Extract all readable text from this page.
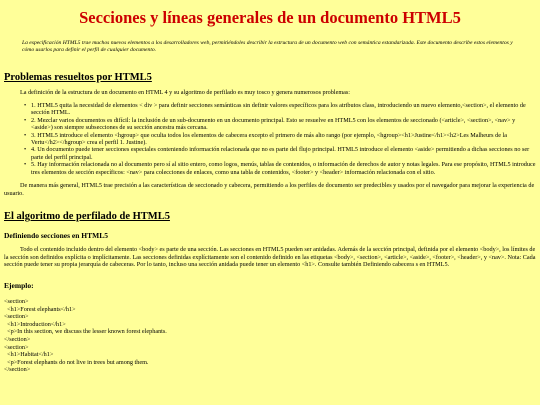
Secciones y líneas generales de un documento HTML5

La especificación HTML5 trae muchos nuevos elementos a los desarrolladores web, permitiéndoles describir la estructura de un documento web con semántica estandarizada. Este documento describe estos elementos y cómo usarlos para definir el perfil de cualquier documento.

Problemas resueltos por HTML5

La definición de la estructura de un documento en HTML 4 y su algoritmo de perfilado es muy tosco y genera numerosos problemas:

• 1. HTML5 quita la necesidad de elementos < div > para definir secciones semánticas sin definir valores específicos para los atributos class, introduciendo un nuevo elemento,<section>, el elemento de sección HTML.
• 2. Mezclar varios documentos es difícil: la inclusión de un sub-documento en un documento principal. Esto se resuelve en HTML5 con los elementos de seccionado (<article>, <section>, <nav> y <aside>) son siempre subsecciones de su sección ancestra más cercana.
• 3. HTML5 introduce el elemento <hgroup> que oculta todos los elementos de cabecera excepto el primero de más alto rango (por ejemplo, <hgroup><h1>Justine</h1><h2>Les Malheurs de la Vertu</h2></hgroup> crea el perfil 1. Justine).
• 4. Un documento puede tener secciones especiales conteniendo información relacionada que no es parte del flujo principal. HTML5 introduce el elemento <aside> permitiendo a dichas secciones no ser parte del perfil principal.
• 5. Hay información relacionada no al documento pero sí al sitio entero, como logos, menús, tablas de contenidos, o información de derechos de autor y notas legales. Para ese propósito, HTML5 introduce tres elementos de sección específicos: <nav> para colecciones de enlaces, como una tabla de contenidos, <footer> y <header> información relacionada con el sitio.

De manera más general, HTML5 trae precisión a las características de seccionado y cabecera, permitiendo a los perfiles de documento ser predecibles y usados por el navegador para mejorar la experiencia de usuario.

El algoritmo de perfilado de HTML5
Definiendo secciones en HTML5

Todo el contenido incluido dentro del elemento <body> es parte de una sección. Las secciones en HTML5 pueden ser anidadas. Además de la sección principal, definida por el elemento <body>, los límites de la sección son definidos explícita o implícitamente. Las secciones definidas explícitamente son el contenido definido en las etiquetas <body>, <section>, <article>, <aside>, <footer>, <header>, y <nav>. Nota: Cada sección puede tener su propia jerarquía de cabeceras. Por lo tanto, incluso una sección anidada puede tener un elemento <h1>. Consulte también Definiendo cabecera s en HTML5.

Ejemplo:
<section>
<h1>Forest elephants</h1>
<section>
<h1>Introduction</h1>
<p>In this section, we discuss the lesser known forest elephants.
</section>
<section>
<h1>Habitat</h1>
<p>Forest elephants do not live in trees but among them.
</section>
